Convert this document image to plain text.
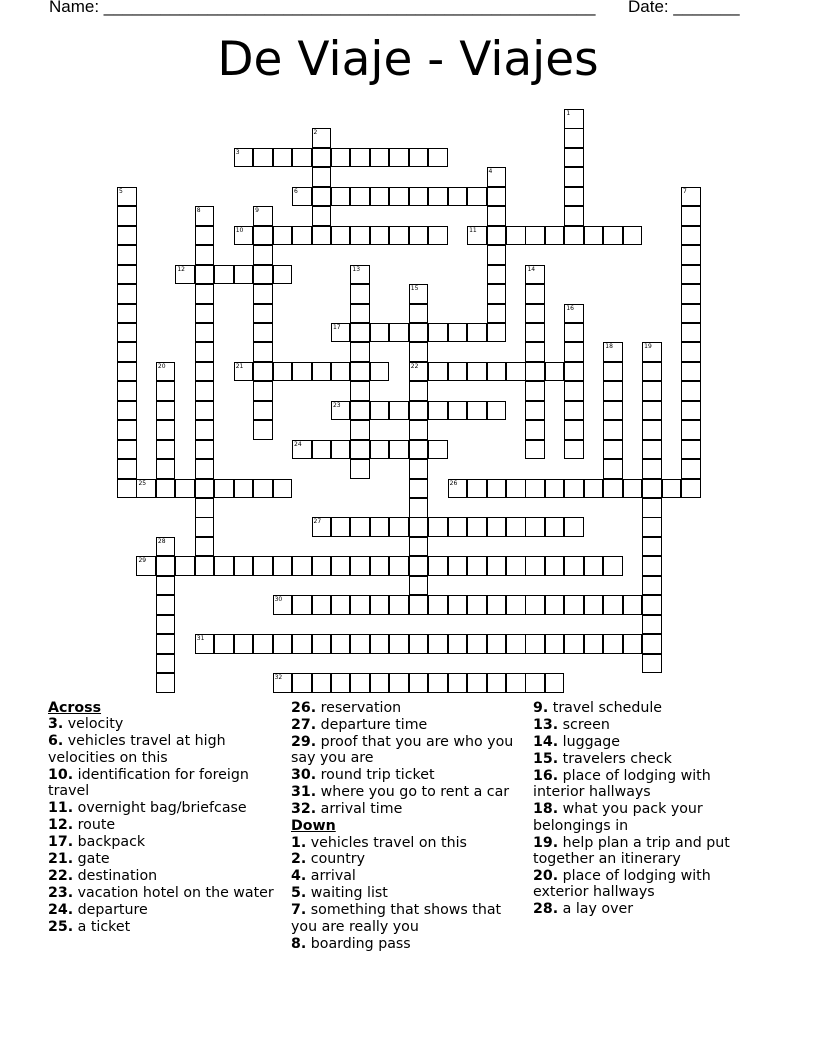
Name: ____________________________________________________ Date: _______
De Viaje - Viajes
1
2
3
4
5	6	7
8	9
10	11
12	13	14
15
22
16
17
18	19
20	21
23
24
25	26
27
28
29
30
31
32
Across
3. velocity
6. vehicles travel at high velocities on this
10. identification for foreign travel
11. overnight bag/briefcase
12. route
17. backpack
21. gate
22. destination
23. vacation hotel on the water
24. departure
25. a ticket
26. reservation
27. departure time
29. proof that you are who you say you are
30. round trip ticket
31. where you go to rent a car
32. arrival time
Down
1. vehicles travel on this
2. country
4. arrival
5. waiting list
7. something that shows that you are really you
8. boarding pass
9. travel schedule
13. screen
14. luggage
15. travelers check
16. place of lodging with interior hallways
18. what you pack your belongings in
19. help plan a trip and put together an itinerary
20. place of lodging with exterior hallways
28. a lay over
